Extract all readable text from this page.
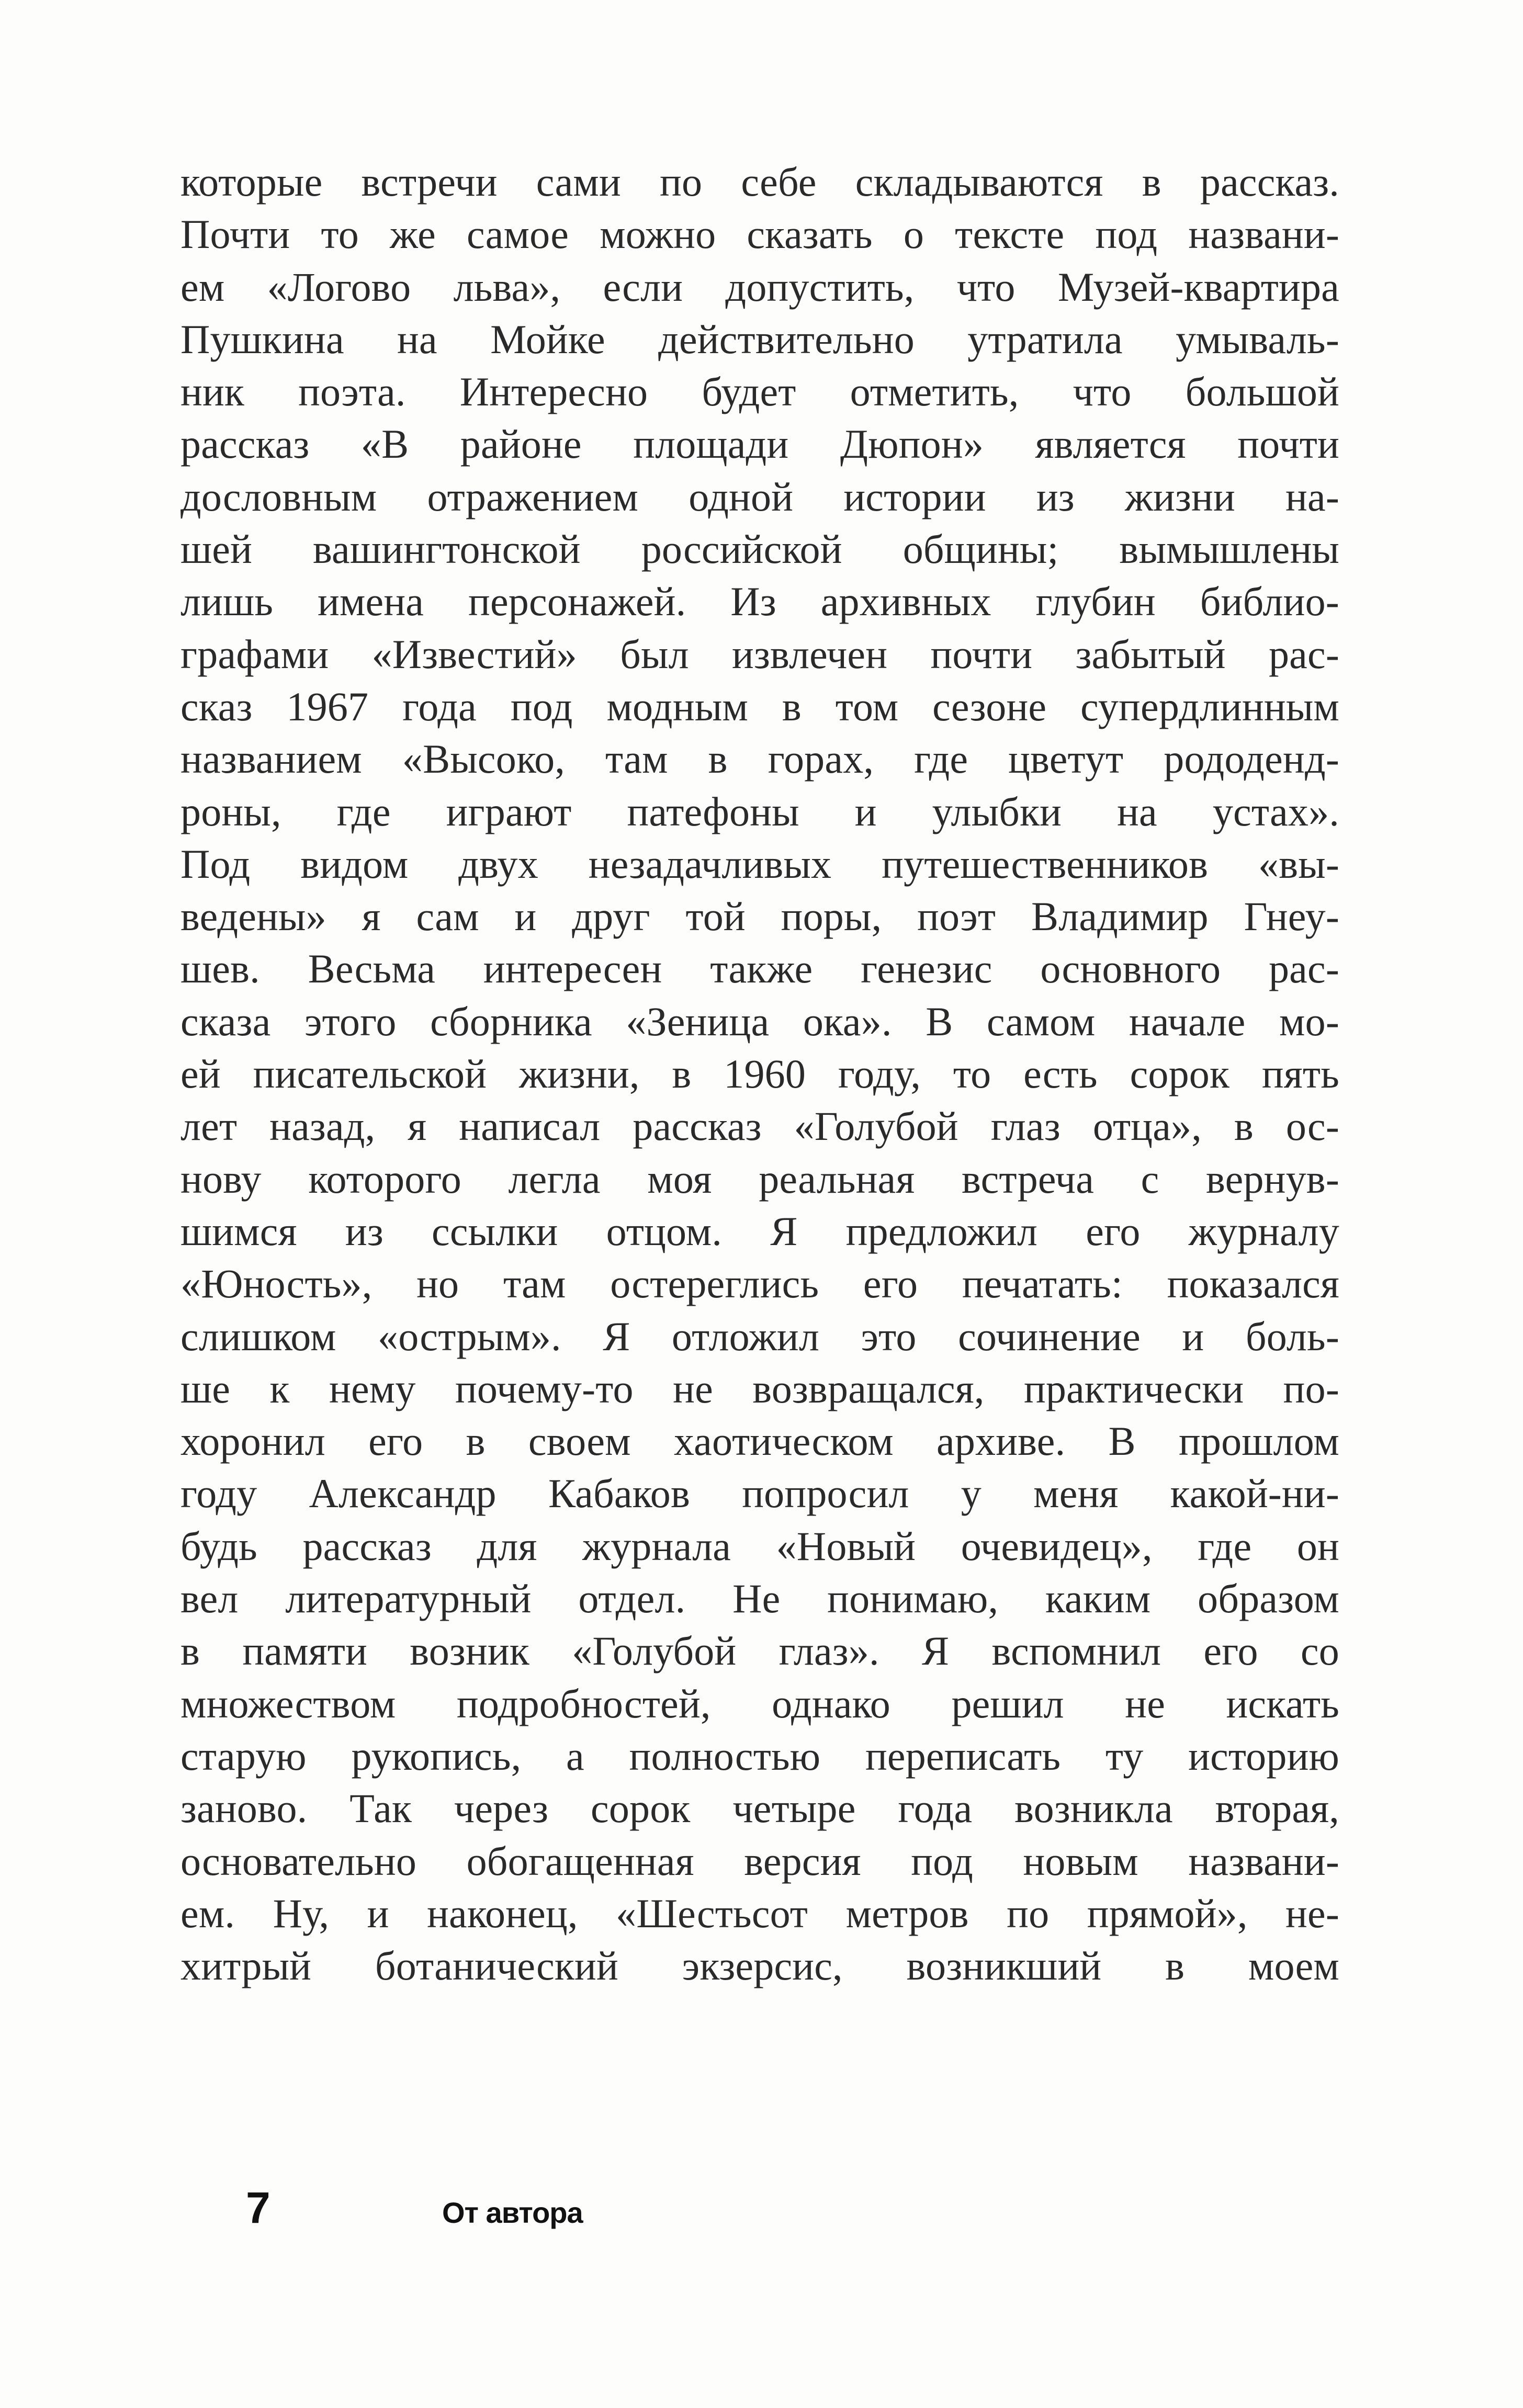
которые встречи сами по себе складываются в рассказ.
Почти то же самое можно сказать о тексте под названи-
ем «Логово льва», если допустить, что Музей-квартира
Пушкина на Мойке действительно утратила умываль-
ник поэта. Интересно будет отметить, что большой
рассказ «В районе площади Дюпон» является почти
дословным отражением одной истории из жизни на-
шей вашингтонской российской общины; вымышлены
лишь имена персонажей. Из архивных глубин библио-
графами «Известий» был извлечен почти забытый рас-
сказ 1967 года под модным в том сезоне супердлинным
названием «Высоко, там в горах, где цветут рододенд-
роны, где играют патефоны и улыбки на устах».
Под видом двух незадачливых путешественников «вы-
ведены» я сам и друг той поры, поэт Владимир Гнеу-
шев. Весьма интересен также генезис основного рас-
сказа этого сборника «Зеница ока». В самом начале мо-
ей писательской жизни, в 1960 году, то есть сорок пять
лет назад, я написал рассказ «Голубой глаз отца», в ос-
нову которого легла моя реальная встреча с вернув-
шимся из ссылки отцом. Я предложил его журналу
«Юность», но там остереглись его печатать: показался
слишком «острым». Я отложил это сочинение и боль-
ше к нему почему-то не возвращался, практически по-
хоронил его в своем хаотическом архиве. В прошлом
году Александр Кабаков попросил у меня какой-ни-
будь рассказ для журнала «Новый очевидец», где он
вел литературный отдел. Не понимаю, каким образом
в памяти возник «Голубой глаз». Я вспомнил его со
множеством подробностей, однако решил не искать
старую рукопись, а полностью переписать ту историю
заново. Так через сорок четыре года возникла вторая,
основательно обогащенная версия под новым названи-
ем. Ну, и наконец, «Шестьсот метров по прямой», не-
хитрый ботанический экзерсис, возникший в моем
7	От автора
